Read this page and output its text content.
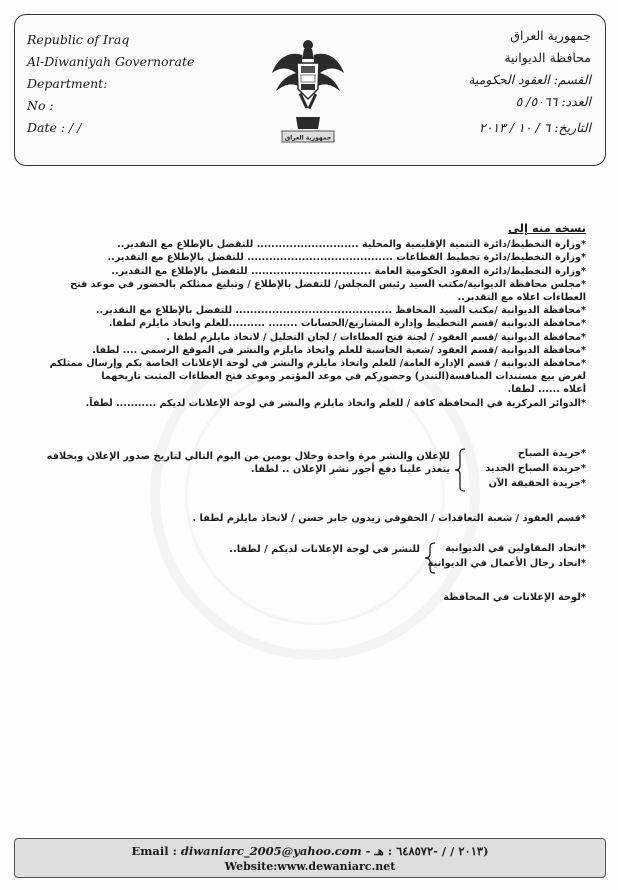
Republic of Iraq
Al-Diwaniyah Governorate
Department:
No :
Date : / /
جمهورية العراق
جمهورية العراق
محافظة الديوانية
القسم: العقود الحكومية
العدد: ٥٠٦٦/ ٥
التاريخ: ٦ / ١٠ / ٢٠١٣
نسخه منه إلى
*وزارة التخطيط/دائرة التنمية الإقليمية والمحلية ............................ للتفضل بالإطلاع مع التقدير..
*وزارة التخطيط/دائرة تخطيط القطاعات ........................................ للتفضل بالإطلاع مع التقدير..
*وزارة التخطيط/دائرة العقود الحكومية العامة ................................. للتفضل بالإطلاع مع التقدير..
*مجلس محافظة الديوانية/مكتب السيد رئيس المجلس/ للتفضل بالإطلاع / وتبليغ ممثلكم بالحضور في موعد فتح
العطاءات اعلاه مع التقدير..
*محافظة الديوانية /مكتب السيد المحافظ ........................................... للتفضل بالإطلاع مع التقدير..
*محافظة الديوانية /قسم التخطيط وإدارة المشاريع/الحسابات ........ ..........للعلم واتخاذ مايلزم لطفا.
*محافظة الديوانية /قسم العقود / لجنة فتح العطاءات / لجان التحليل / لاتخاذ مايلزم لطفا .
*محافظة الديوانية /قسم العقود /شعبة الحاسبة للعلم واتخاذ مايلزم والنشر في الموقع الرسمي .... لطفا.
*محافظة الديوانية / قسم الإدارة العامة/ للعلم واتخاذ مايلزم والنشر في لوحة الإعلانات الخاصة بكم وإرسال ممثلكم
لغرض بيع مستندات المنافسة(التندر) وحضوركم في موعد المؤتمر وموعد فتح العطاءات المثبت تاريخهما
أعلاه ...... لطفا.
*الدوائر المركزية في المحافظة كافة / للعلم واتخاذ مايلزم والنشر في لوحة الإعلانات لديكم ........... لطفاً.
*جريدة الصباح
*جريدة الصباح الجديد
*جريدة الحقيقة الآن
للإعلان والنشر مرة واحدة وخلال يومين من اليوم التالي لتاريخ صدور الإعلان وبخلافه
يتعذر علينا دفع أجور نشر الإعلان .. لطفا.
*قسم العقود / شعبة التعاقدات / الحقوقي زيدون جابر حسن / لاتخاذ مايلزم لطفا .
*اتحاد المقاولين في الديوانية
*اتحاد رجال الأعمال في الديوانية
للنشر في لوحة الإعلانات لديكم / لطفا..
*لوحة الإعلانات في المحافظة
Email : diwaniarc_2005@yahoo.com - (٢٠١٣ / / -٦٤٨٥٧٢ : هـ
Website:www.dewaniarc.net
